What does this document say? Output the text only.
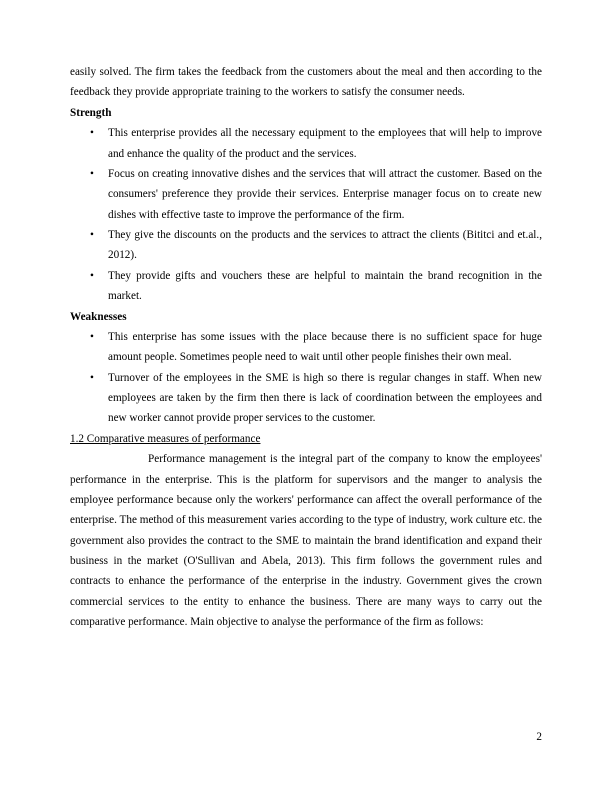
easily solved. The firm takes the feedback from the customers about the meal and then according to the feedback they provide appropriate training to the workers to satisfy the consumer needs.

Strength

• This enterprise provides all the necessary equipment to the employees that will help to improve and enhance the quality of the product and the services.
• Focus on creating innovative dishes and the services that will attract the customer. Based on the consumers' preference they provide their services. Enterprise manager focus on to create new dishes with effective taste to improve the performance of the firm.
• They give the discounts on the products and the services to attract the clients (Bititci and et.al., 2012).
• They provide gifts and vouchers these are helpful to maintain the brand recognition in the market.

Weaknesses

• This enterprise has some issues with the place because there is no sufficient space for huge amount people. Sometimes people need to wait until other people finishes their own meal.
• Turnover of the employees in the SME is high so there is regular changes in staff. When new employees are taken by the firm then there is lack of coordination between the employees and new worker cannot provide proper services to the customer.

1.2 Comparative measures of performance

Performance management is the integral part of the company to know the employees' performance in the enterprise. This is the platform for supervisors and the manger to analysis the employee performance because only the workers' performance can affect the overall performance of the enterprise. The method of this measurement varies according to the type of industry, work culture etc. the government also provides the contract to the SME to maintain the brand identification and expand their business in the market (O'Sullivan and Abela, 2013). This firm follows the government rules and contracts to enhance the performance of the enterprise in the industry. Government gives the crown commercial services to the entity to enhance the business. There are many ways to carry out the comparative performance. Main objective to analyse the performance of the firm as follows:

2
